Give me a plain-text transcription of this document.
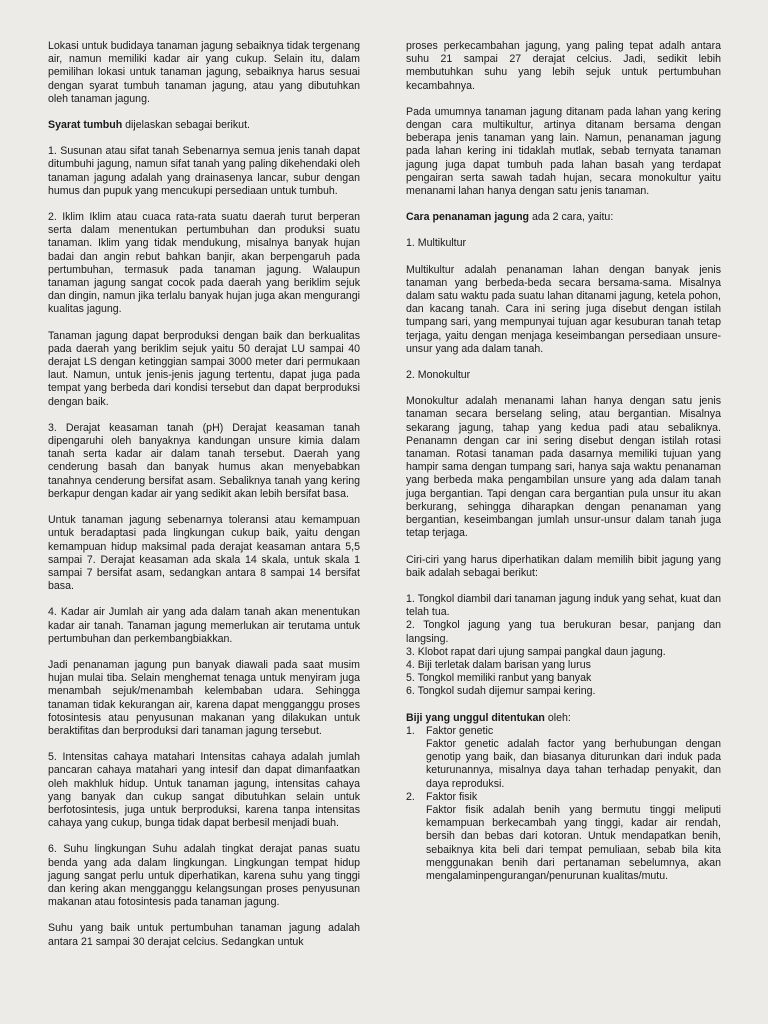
Lokasi untuk budidaya tanaman jagung sebaiknya tidak tergenang air, namun memiliki kadar air yang cukup. Selain itu, dalam pemilihan lokasi untuk tanaman jagung, sebaiknya harus sesuai dengan syarat tumbuh tanaman jagung, atau yang dibutuhkan oleh tanaman jagung.

Syarat tumbuh dijelaskan sebagai berikut.

1. Susunan atau sifat tanah Sebenarnya semua jenis tanah dapat ditumbuhi jagung, namun sifat tanah yang paling dikehendaki oleh tanaman jagung adalah yang drainasenya lancar, subur dengan humus dan pupuk yang mencukupi persediaan untuk tumbuh.

2. Iklim Iklim atau cuaca rata-rata suatu daerah turut berperan serta dalam menentukan pertumbuhan dan produksi suatu tanaman. Iklim yang tidak mendukung, misalnya banyak hujan badai dan angin rebut bahkan banjir, akan berpengaruh pada pertumbuhan, termasuk pada tanaman jagung. Walaupun tanaman jagung sangat cocok pada daerah yang beriklim sejuk dan dingin, namun jika terlalu banyak hujan juga akan mengurangi kualitas jagung.

Tanaman jagung dapat berproduksi dengan baik dan berkualitas pada daerah yang beriklim sejuk yaitu 50 derajat LU sampai 40 derajat LS dengan ketinggian sampai 3000 meter dari permukaan laut. Namun, untuk jenis-jenis jagung tertentu, dapat juga pada tempat yang berbeda dari kondisi tersebut dan dapat berproduksi dengan baik.

3. Derajat keasaman tanah (pH) Derajat keasaman tanah dipengaruhi oleh banyaknya kandungan unsure kimia dalam tanah serta kadar air dalam tanah tersebut. Daerah yang cenderung basah dan banyak humus akan menyebabkan tanahnya cenderung bersifat asam. Sebaliknya tanah yang kering berkapur dengan kadar air yang sedikit akan lebih bersifat basa.

Untuk tanaman jagung sebenarnya toleransi atau kemampuan untuk beradaptasi pada lingkungan cukup baik, yaitu dengan kemampuan hidup maksimal pada derajat keasaman antara 5,5 sampai 7. Derajat keasaman ada skala 14 skala, untuk skala 1 sampai 7 bersifat asam, sedangkan antara 8 sampai 14 bersifat basa.

4. Kadar air Jumlah air yang ada dalam tanah akan menentukan kadar air tanah. Tanaman jagung memerlukan air terutama untuk pertumbuhan dan perkembangbiakkan.

Jadi penanaman jagung pun banyak diawali pada saat musim hujan mulai tiba. Selain menghemat tenaga untuk menyiram juga menambah sejuk/menambah kelembaban udara. Sehingga tanaman tidak kekurangan air, karena dapat mengganggu proses fotosintesis atau penyusunan makanan yang dilakukan untuk beraktifitas dan berproduksi dari tanaman jagung tersebut.

5. Intensitas cahaya matahari Intensitas cahaya adalah jumlah pancaran cahaya matahari yang intesif dan dapat dimanfaatkan oleh makhluk hidup. Untuk tanaman jagung, intensitas cahaya yang banyak dan cukup sangat dibutuhkan selain untuk berfotosintesis, juga untuk berproduksi, karena tanpa intensitas cahaya yang cukup, bunga tidak dapat berbesil menjadi buah.

6. Suhu lingkungan Suhu adalah tingkat derajat panas suatu benda yang ada dalam lingkungan. Lingkungan tempat hidup jagung sangat perlu untuk diperhatikan, karena suhu yang tinggi dan kering akan mengganggu kelangsungan proses penyusunan makanan atau fotosintesis pada tanaman jagung.

Suhu yang baik untuk pertumbuhan tanaman jagung adalah antara 21 sampai 30 derajat celcius. Sedangkan untuk

proses perkecambahan jagung, yang paling tepat adalh antara suhu 21 sampai 27 derajat celcius. Jadi, sedikit lebih membutuhkan suhu yang lebih sejuk untuk pertumbuhan kecambahnya.

Pada umumnya tanaman jagung ditanam pada lahan yang kering dengan cara multikultur, artinya ditanam bersama dengan beberapa jenis tanaman yang lain. Namun, penanaman jagung pada lahan kering ini tidaklah mutlak, sebab ternyata tanaman jagung juga dapat tumbuh pada lahan basah yang terdapat pengairan serta sawah tadah hujan, secara monokultur yaitu menanami lahan hanya dengan satu jenis tanaman.

Cara penanaman jagung ada 2 cara, yaitu:

1. Multikultur

Multikultur adalah penanaman lahan dengan banyak jenis tanaman yang berbeda-beda secara bersama-sama. Misalnya dalam satu waktu pada suatu lahan ditanami jagung, ketela pohon, dan kacang tanah. Cara ini sering juga disebut dengan istilah tumpang sari, yang mempunyai tujuan agar kesuburan tanah tetap terjaga, yaitu dengan menjaga keseimbangan persediaan unsure-unsur yang ada dalam tanah.

2. Monokultur

Monokultur adalah menanami lahan hanya dengan satu jenis tanaman secara berselang seling, atau bergantian. Misalnya sekarang jagung, tahap yang kedua padi atau sebaliknya. Penanamn dengan car ini sering disebut dengan istilah rotasi tanaman. Rotasi tanaman pada dasarnya memiliki tujuan yang hampir sama dengan tumpang sari, hanya saja waktu penanaman yang berbeda maka pengambilan unsure yang ada dalam tanah juga bergantian. Tapi dengan cara bergantian pula unsur itu akan berkurang, sehingga diharapkan dengan penanaman yang bergantian, keseimbangan jumlah unsur-unsur dalam tanah juga tetap terjaga.

Ciri-ciri yang harus diperhatikan dalam memilih bibit jagung yang baik adalah sebagai berikut:

1. Tongkol diambil dari tanaman jagung induk yang sehat, kuat dan telah tua.
2. Tongkol jagung yang tua berukuran besar, panjang dan langsing.
3. Klobot rapat dari ujung sampai pangkal daun jagung.
4. Biji terletak dalam barisan yang lurus
5. Tongkol memiliki ranbut yang banyak
6. Tongkol sudah dijemur sampai kering.

Biji yang unggul ditentukan oleh:

1. Faktor genetic
Faktor genetic adalah factor yang berhubungan dengan genotip yang baik, dan biasanya diturunkan dari induk pada keturunannya, misalnya daya tahan terhadap penyakit, dan daya reproduksi.
2. Faktor fisik
Faktor fisik adalah benih yang bermutu tinggi meliputi kemampuan berkecambah yang tinggi, kadar air rendah, bersih dan bebas dari kotoran. Untuk mendapatkan benih, sebaiknya kita beli dari tempat pemuliaan, sebab bila kita menggunakan benih dari pertanaman sebelumnya, akan mengalaminpengurangan/penurunan kualitas/mutu.
